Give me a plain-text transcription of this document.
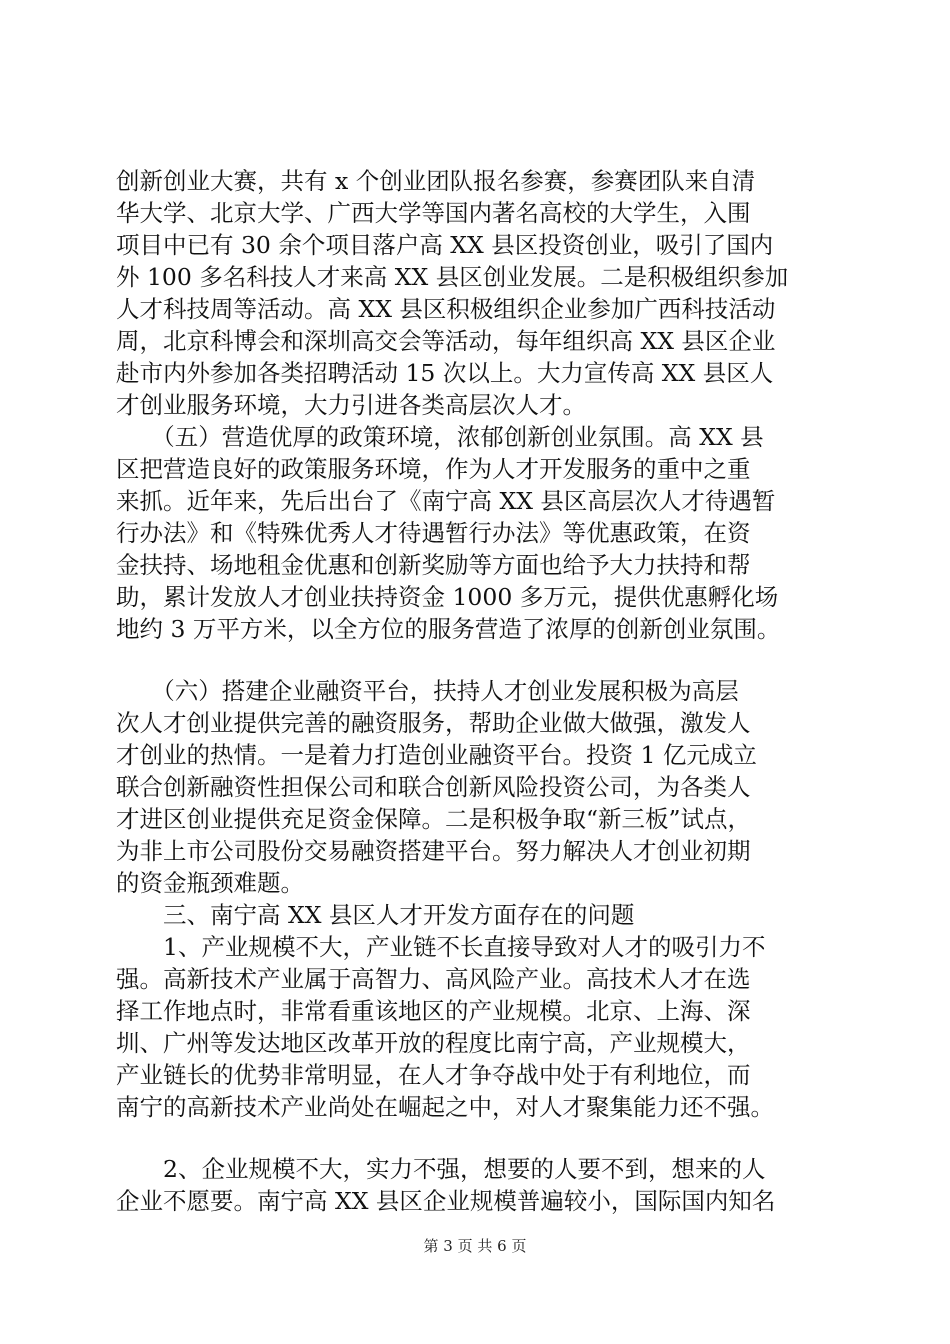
创新创业大赛，共有 x 个创业团队报名参赛，参赛团队来自清
华大学、北京大学、广西大学等国内著名高校的大学生，入围
项目中已有 30 余个项目落户高 XX 县区投资创业，吸引了国内
外 100 多名科技人才来高 XX 县区创业发展。二是积极组织参加
人才科技周等活动。高 XX 县区积极组织企业参加广西科技活动
周，北京科博会和深圳高交会等活动，每年组织高 XX 县区企业
赴市内外参加各类招聘活动 15 次以上。大力宣传高 XX 县区人
才创业服务环境，大力引进各类高层次人才。
　　（五）营造优厚的政策环境，浓郁创新创业氛围。高 XX 县
区把营造良好的政策服务环境，作为人才开发服务的重中之重
来抓。近年来，先后出台了《南宁高 XX 县区高层次人才待遇暂
行办法》和《特殊优秀人才待遇暂行办法》等优惠政策，在资
金扶持、场地租金优惠和创新奖励等方面也给予大力扶持和帮
助，累计发放人才创业扶持资金 1000 多万元，提供优惠孵化场
地约 3 万平方米，以全方位的服务营造了浓厚的创新创业氛围。
　　（六）搭建企业融资平台，扶持人才创业发展积极为高层
次人才创业提供完善的融资服务，帮助企业做大做强，激发人
才创业的热情。一是着力打造创业融资平台。投资 1 亿元成立
联合创新融资性担保公司和联合创新风险投资公司，为各类人
才进区创业提供充足资金保障。二是积极争取“新三板”试点，
为非上市公司股份交易融资搭建平台。努力解决人才创业初期
的资金瓶颈难题。
　　三、南宁高 XX 县区人才开发方面存在的问题
　　1、产业规模不大，产业链不长直接导致对人才的吸引力不
强。高新技术产业属于高智力、高风险产业。高技术人才在选
择工作地点时，非常看重该地区的产业规模。北京、上海、深
圳、广州等发达地区改革开放的程度比南宁高，产业规模大，
产业链长的优势非常明显，在人才争夺战中处于有利地位，而
南宁的高新技术产业尚处在崛起之中，对人才聚集能力还不强。
　　2、企业规模不大，实力不强，想要的人要不到，想来的人
企业不愿要。南宁高 XX 县区企业规模普遍较小，国际国内知名
第 3 页 共 6 页
